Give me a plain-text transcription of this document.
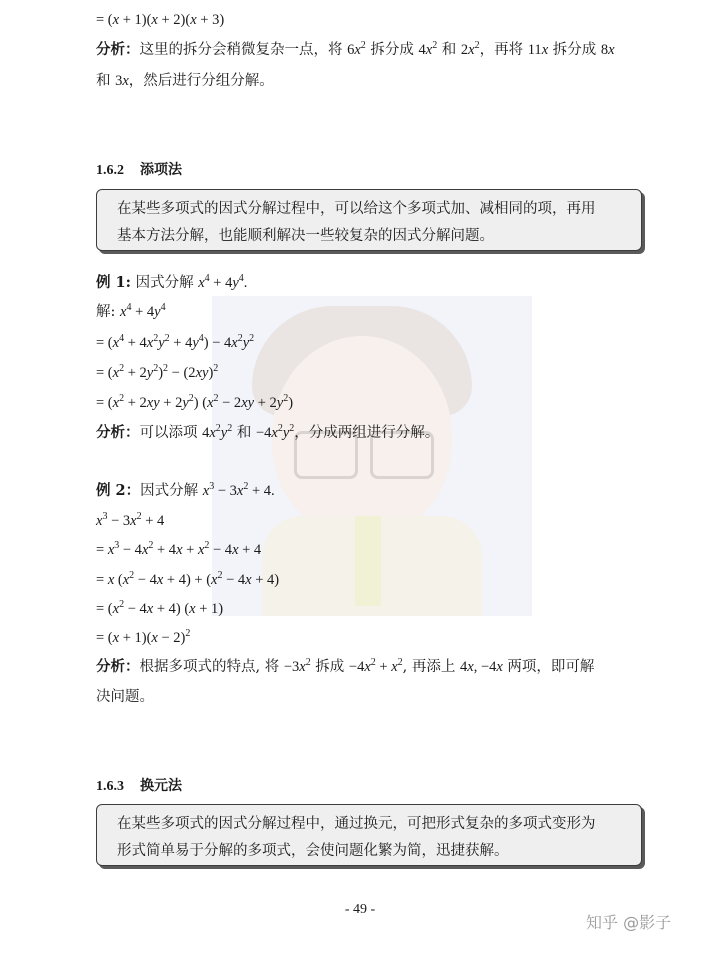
= (x + 1)(x + 2)(x + 3)
分析：这里的拆分会稍微复杂一点，将 $6x^2$ 拆分成 $4x^2$ 和 $2x^2$，再将 11x 拆分成 8x
和 3x，然后进行分组分解。
1.6.2 添项法
在某些多项式的因式分解过程中，可以给这个多项式加、减相同的项，再用
基本方法分解，也能顺利解决一些较复杂的因式分解问题。
例 1: 因式分解 $x^4 + 4y^4$.
解: $x^4 + 4y^4$
= $(x^4 + 4x^2y^2 + 4y^4) - 4x^2y^2$
= $(x^2 + 2y^2)^2 - (2xy)^2$
= $(x^2 + 2xy + 2y^2) (x^2 - 2xy + 2y^2)$
分析：可以添项 $4x^2y^2$ 和 $-4x^2y^2$，分成两组进行分解。
例 2：因式分解 $x^3 - 3x^2 + 4$.
$x^3 - 3x^2 + 4$
= $x^3 - 4x^2 + 4x + x^2 - 4x + 4$
= x $(x^2 - 4x + 4) + (x^2 - 4x + 4)$
= $(x^2 - 4x + 4) (x + 1)$
= $(x + 1)(x - 2)^2$
分析：根据多项式的特点, 将 $-3x^2$ 拆成 $-4x^2 + x^2$, 再添上 4x, −4x 两项，即可解
决问题。
1.6.3 换元法
在某些多项式的因式分解过程中，通过换元，可把形式复杂的多项式变形为
形式简单易于分解的多项式，会使问题化繁为简，迅捷获解。
- 49 -
知乎 @影子
